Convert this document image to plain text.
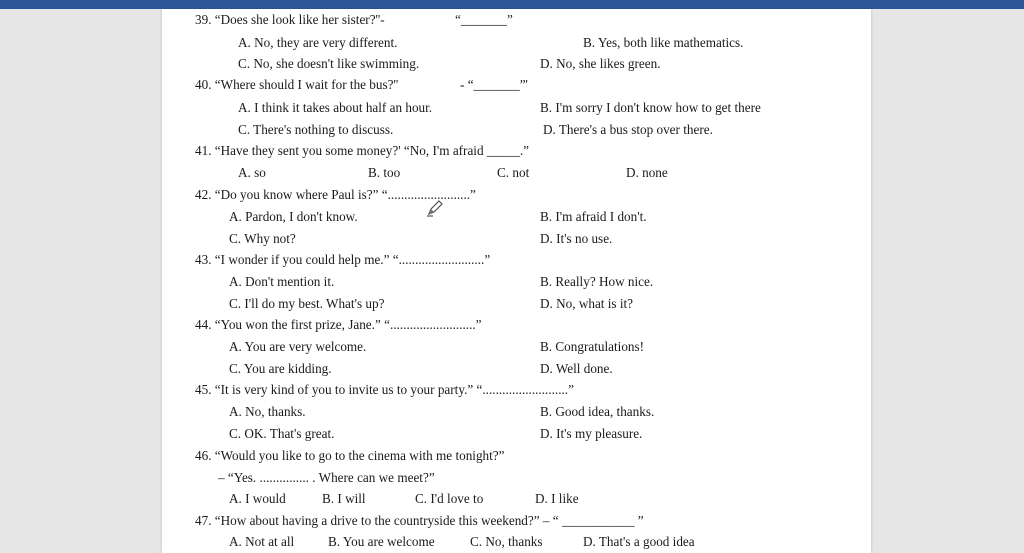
39. “Does she look like her sister?''-	“_______”
A. No, they are very different.	B. Yes, both like mathematics.
C. No, she doesn't like swimming.	D. No, she likes green.
40. “Where should I wait for the bus?''	- “_______”'
A. I think it takes about half an hour.	B. I'm sorry I don't know how to get there
C. There's nothing to discuss.	D. There's a bus stop over there.
41. “Have they sent you some money?' “No, I'm afraid _____.”
A. so	B. too	C. not	D. none
42. “Do you know where Paul is?” “.........................”
A. Pardon, I don't know.	B. I'm afraid I don't.
C. Why not?	D. It's no use.
43. “I wonder if you could help me.” “..........................”
A. Don't mention it.	B. Really? How nice.
C. I'll do my best. What's up?	D. No, what is it?
44. “You won the first prize, Jane.” “..........................”
A. You are very welcome.	B. Congratulations!
C. You are kidding.	D. Well done.
45. “It is very kind of you to invite us to your party.” “..........................”
A. No, thanks.	B. Good idea, thanks.
C. OK. That's great.	D. It's my pleasure.
46. “Would you like to go to the cinema with me tonight?”
– “Yes. ............... . Where can we meet?”
A. I would	B. I will	C. I'd love to	D. I like
47. “How about having a drive to the countryside this weekend?” – “ ___________ ”
A. Not at all	B. You are welcome	C. No, thanks	D. That's a good idea
